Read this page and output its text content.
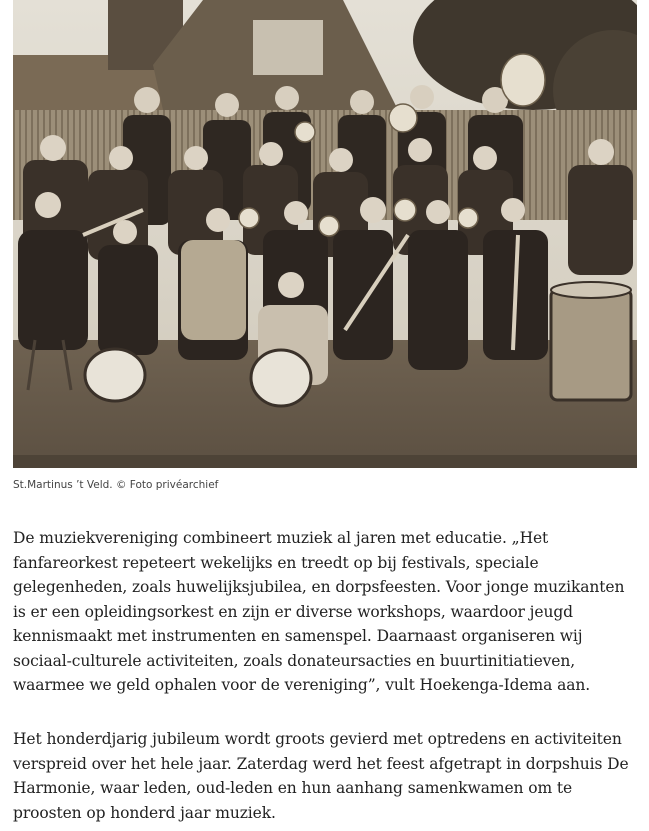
St.Martinus ’t Veld. © Foto privéarchief

De muziekvereniging combineert muziek al jaren met educatie. „Het
fanfareorkest repeteert wekelijks en treedt op bij festivals, speciale
gelegenheden, zoals huwelijksjubilea, en dorpsfeesten. Voor jonge muzikanten
is er een opleidingsorkest en zijn er diverse workshops, waardoor jeugd
kennismaakt met instrumenten en samenspel. Daarnaast organiseren wij
sociaal-culturele activiteiten, zoals donateursacties en buurtinitiatieven,
waarmee we geld ophalen voor de vereniging”, vult Hoekenga-Idema aan.

Het honderdjarig jubileum wordt groots gevierd met optredens en activiteiten
verspreid over het hele jaar. Zaterdag werd het feest afgetrapt in dorpshuis De
Harmonie, waar leden, oud-leden en hun aanhang samenkwamen om te
proosten op honderd jaar muziek.
